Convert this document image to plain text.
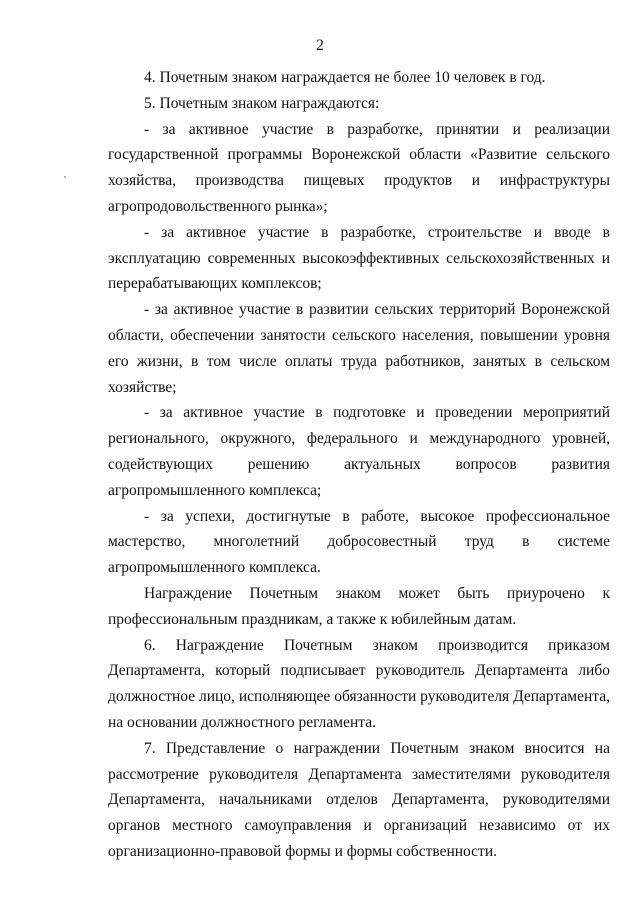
2

4. Почетным знаком награждается не более 10 человек в год.

5. Почетным знаком награждаются:

- за активное участие в разработке, принятии и реализации государственной программы Воронежской области «Развитие сельского хозяйства, производства пищевых продуктов и инфраструктуры агропродовольственного рынка»;

- за активное участие в разработке, строительстве и вводе в эксплуатацию современных высокоэффективных сельскохозяйственных и перерабатывающих комплексов;

- за активное участие в развитии сельских территорий Воронежской области, обеспечении занятости сельского населения, повышении уровня его жизни, в том числе оплаты труда работников, занятых в сельском хозяйстве;

- за активное участие в подготовке и проведении мероприятий регионального, окружного, федерального и международного уровней, содействующих решению актуальных вопросов развития агропромышленного комплекса;

- за успехи, достигнутые в работе, высокое профессиональное мастерство, многолетний добросовестный труд в системе агропромышленного комплекса.

Награждение Почетным знаком может быть приурочено к профессиональным праздникам, а также к юбилейным датам.

6. Награждение Почетным знаком производится приказом Департамента, который подписывает руководитель Департамента либо должностное лицо, исполняющее обязанности руководителя Департамента, на основании должностного регламента.

7. Представление о награждении Почетным знаком вносится на рассмотрение руководителя Департамента заместителями руководителя Департамента, начальниками отделов Департамента, руководителями органов местного самоуправления и организаций независимо от их организационно-правовой формы и формы собственности.
